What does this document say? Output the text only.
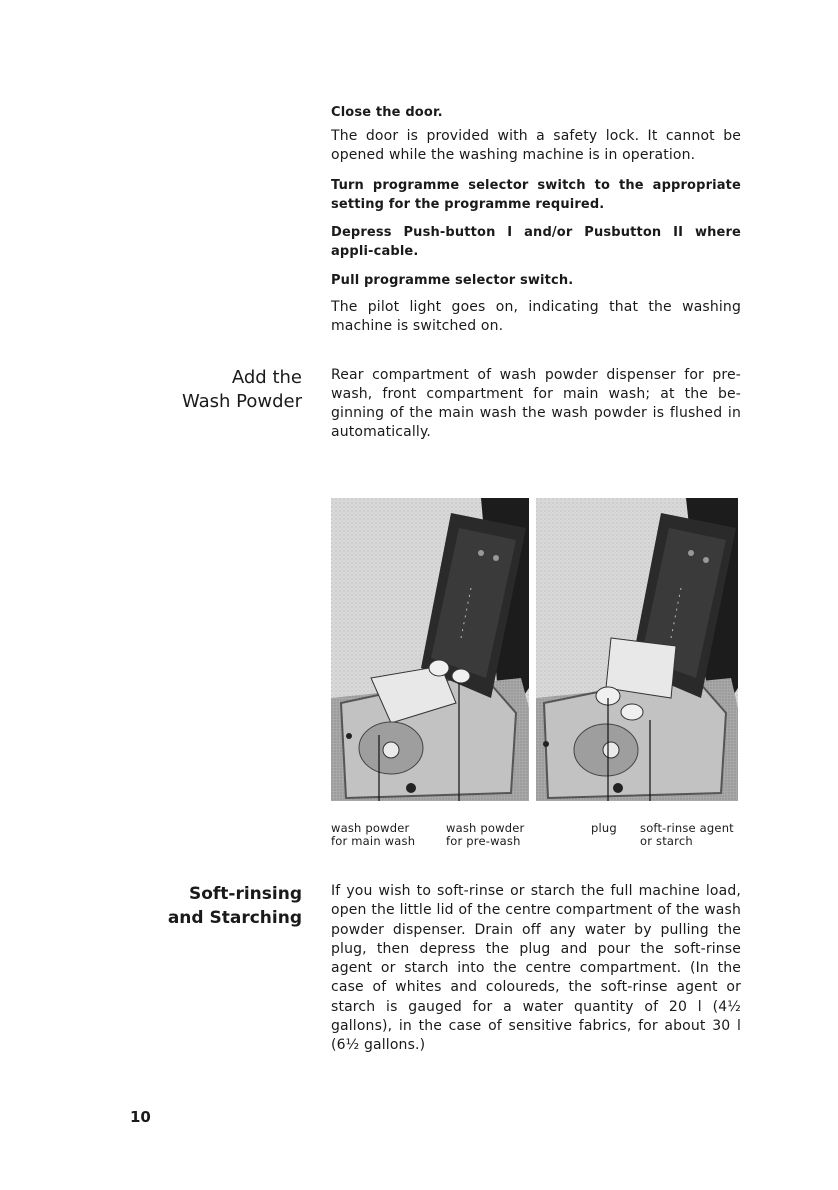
Close the door.

The door is provided with a safety lock. It cannot be opened while the washing machine is in operation.

Turn programme selector switch to the appropriate setting for the programme required.

Depress Push-button I and/or Pusbutton II where appli-cable.

Pull programme selector switch.

The pilot light goes on, indicating that the washing machine is switched on.

Add the
Wash Powder

Rear compartment of wash powder dispenser for pre-wash, front compartment for main wash; at the be-ginning of the main wash the wash powder is flushed in automatically.

wash powder
for main wash
wash powder
for pre-wash
plug soft-rinse agent
or starch
Soft-rinsing
and Starching

If you wish to soft-rinse or starch the full machine load, open the little lid of the centre compartment of the wash powder dispenser. Drain off any water by pulling the plug, then depress the plug and pour the soft-rinse agent or starch into the centre compartment. (In the case of whites and coloureds, the soft-rinse agent or starch is gauged for a water quantity of 20 l (4½ gallons), in the case of sensitive fabrics, for about 30 l (6½ gallons.)

10
